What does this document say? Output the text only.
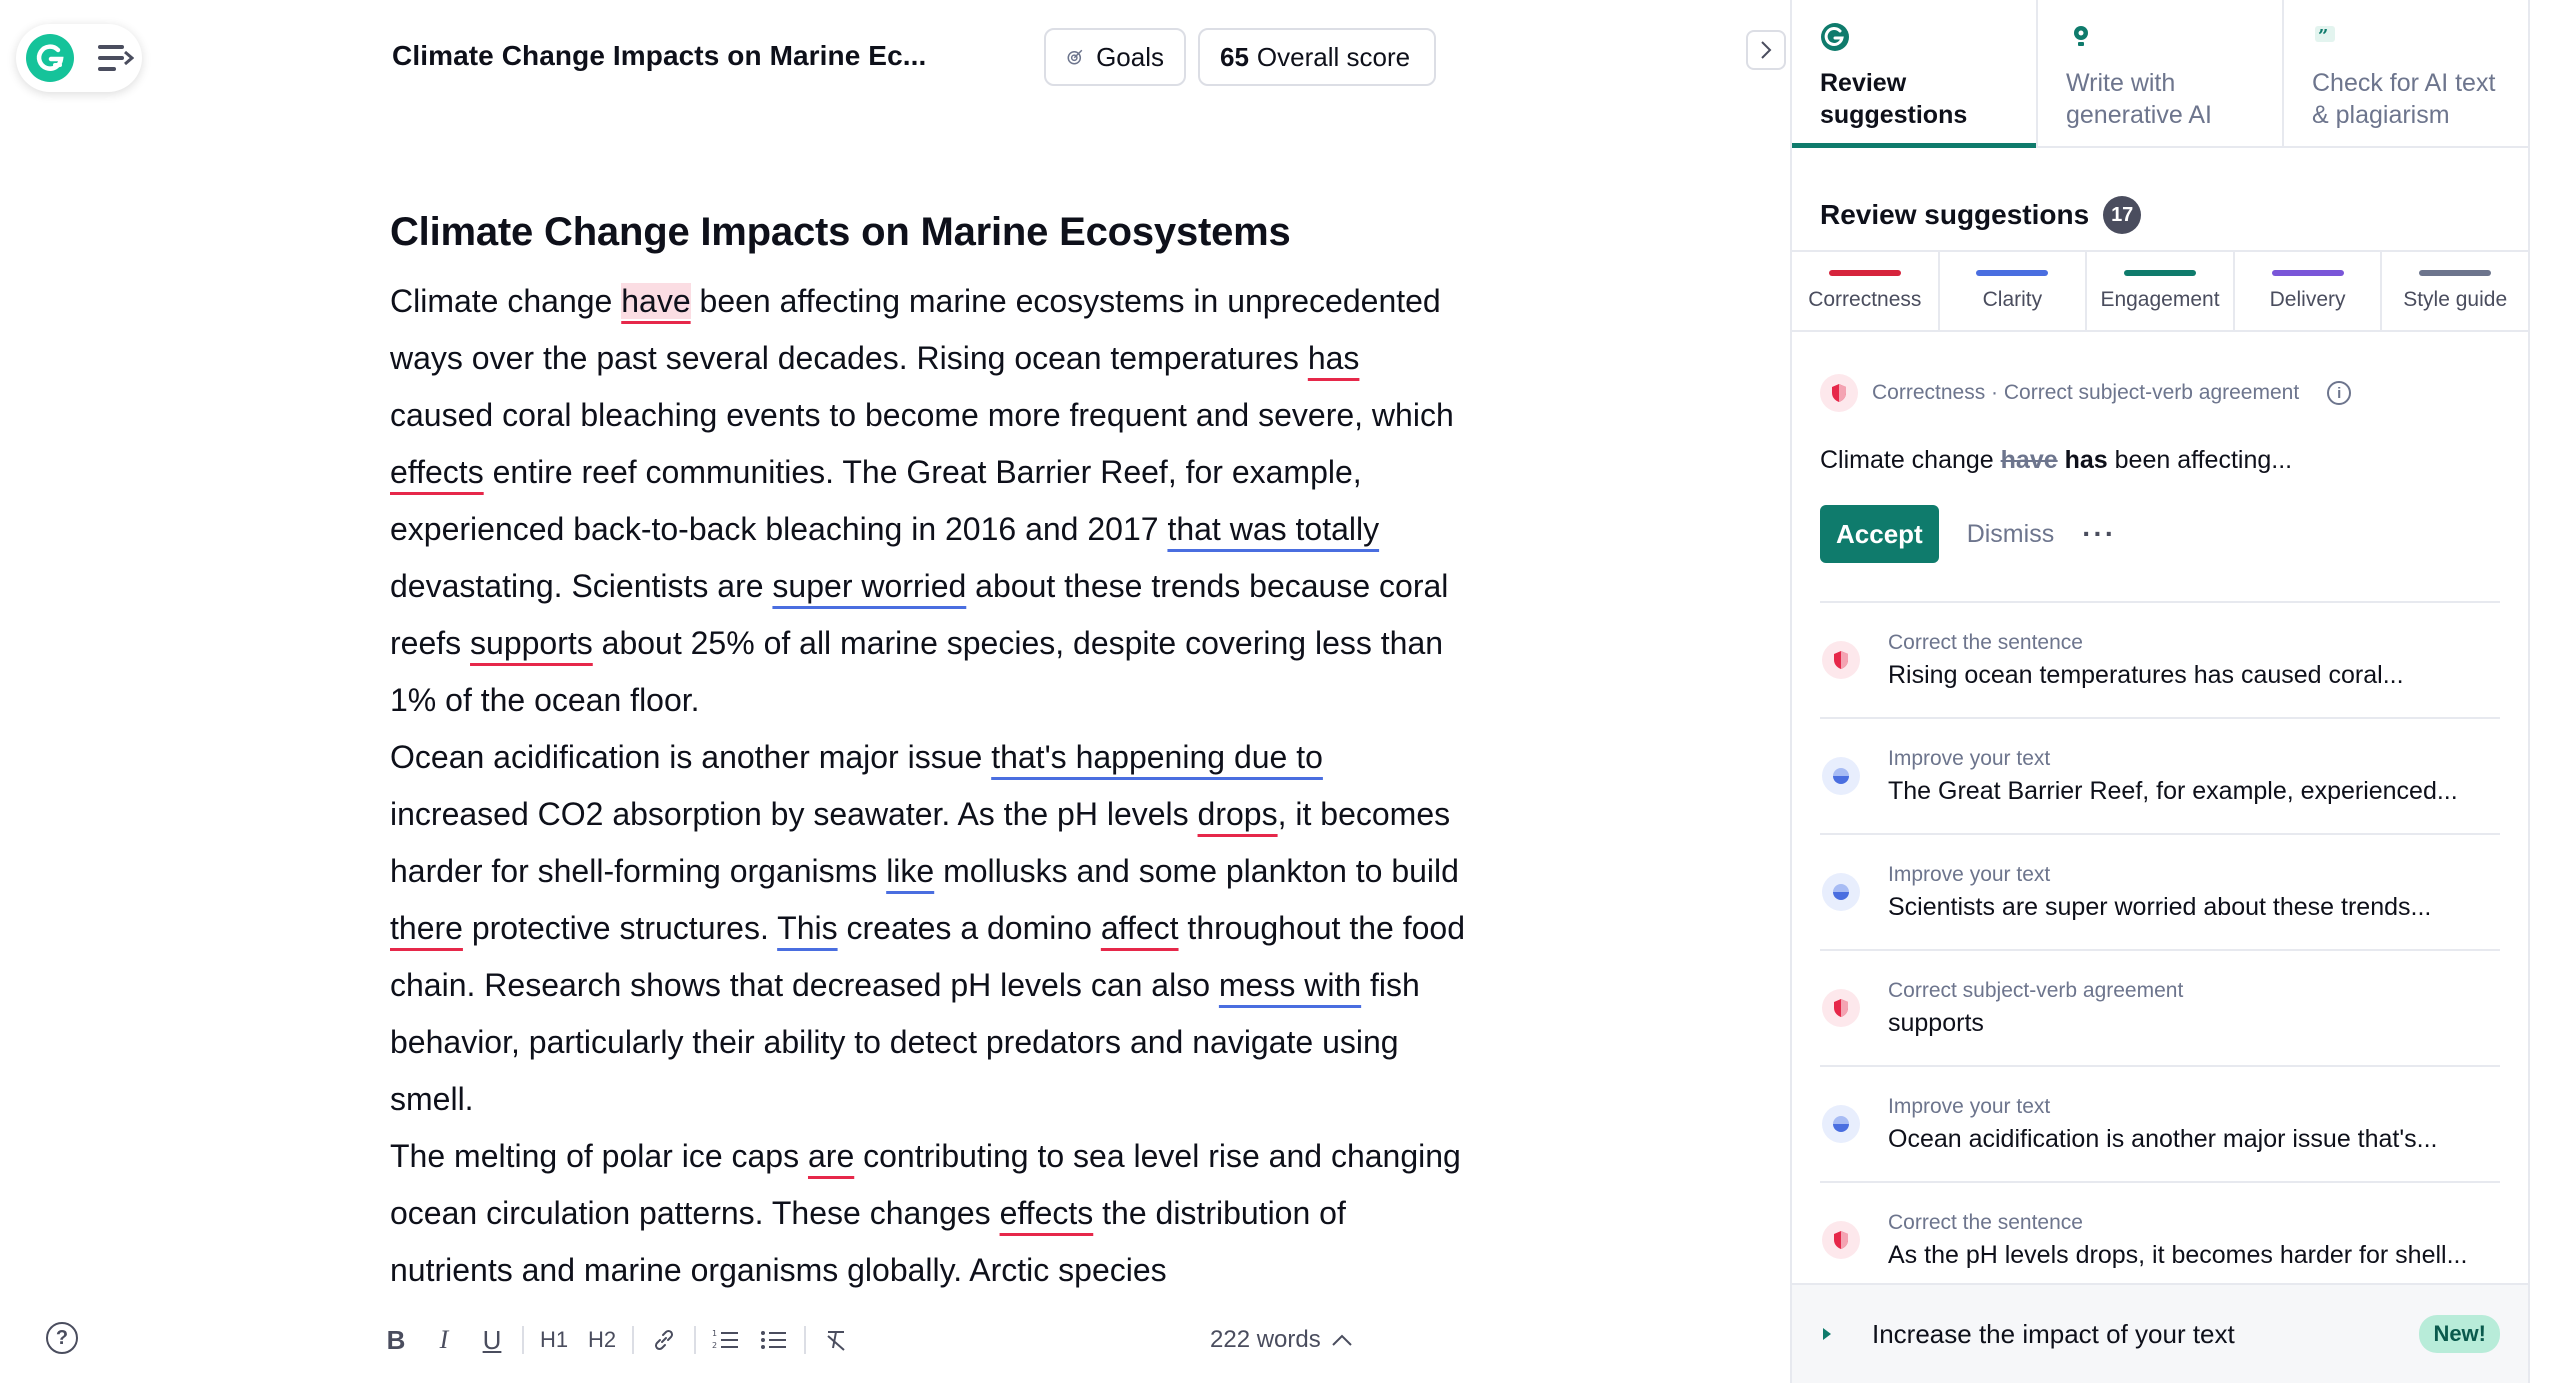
Climate Change Impacts on Marine Ec...	Goals 65 Overall score
Climate Change Impacts on Marine Ecosystems

Climate change have been affecting marine ecosystems in unprecedented ways over the past several decades. Rising ocean temperatures has caused coral bleaching events to become more frequent and severe, which effects entire reef communities. The Great Barrier Reef, for example, experienced back-to-back bleaching in 2016 and 2017 that was totally devastating. Scientists are super worried about these trends because coral reefs supports about 25% of all marine species, despite covering less than 1% of the ocean floor.

Ocean acidification is another major issue that's happening due to increased CO2 absorption by seawater. As the pH levels drops, it becomes harder for shell-forming organisms like mollusks and some plankton to build there protective structures. This creates a domino affect throughout the food chain. Research shows that decreased pH levels can also mess with fish behavior, particularly their ability to detect predators and navigate using smell.

The melting of polar ice caps are contributing to sea level rise and changing ocean circulation patterns. These changes effects the distribution of nutrients and marine organisms globally. Arctic species

?	B	I	U	H1 H2	1
2	222 words
Review suggestions
Write with generative AI
”
Check for AI text & plagiarism
Review suggestions	17
Correctness	Clarity	Engagement Delivery	Style guide
Correctness · Correct subject-verb agreement	i
Climate change have has been affecting...
Accept	Dismiss ···
Correct the sentence
Rising ocean temperatures has caused coral...
Improve your text
The Great Barrier Reef, for example, experienced...
Improve your text
Scientists are super worried about these trends...
Correct subject-verb agreement
supports
Improve your text
Ocean acidification is another major issue that's...
Correct the sentence
As the pH levels drops, it becomes harder for shell...
Increase the impact of your text	New!
